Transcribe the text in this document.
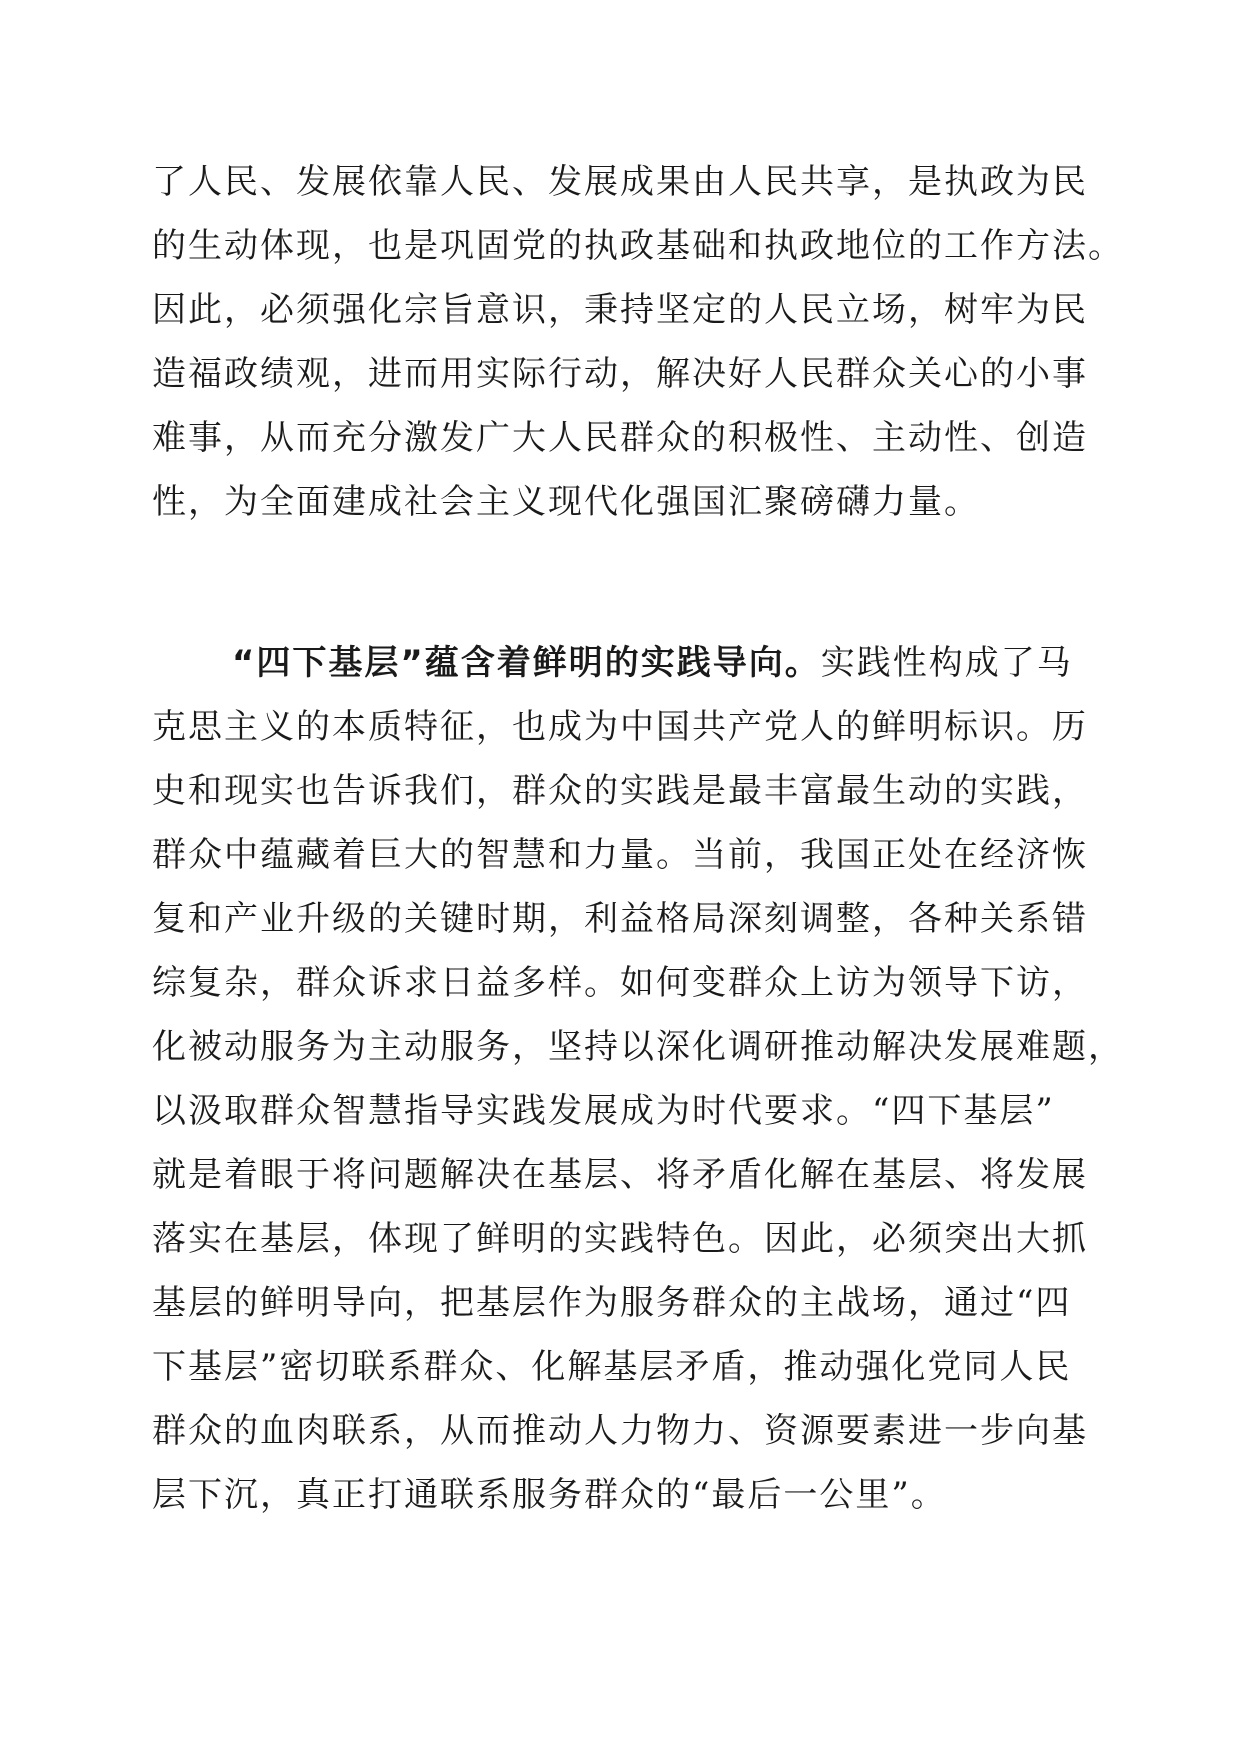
了人民、发展依靠人民、发展成果由人民共享，是执政为民
的生动体现，也是巩固党的执政基础和执政地位的工作方法。
因此，必须强化宗旨意识，秉持坚定的人民立场，树牢为民
造福政绩观，进而用实际行动，解决好人民群众关心的小事
难事，从而充分激发广大人民群众的积极性、主动性、创造
性，为全面建成社会主义现代化强国汇聚磅礴力量。
“四下基层”蕴含着鲜明的实践导向。实践性构成了马
克思主义的本质特征，也成为中国共产党人的鲜明标识。历
史和现实也告诉我们，群众的实践是最丰富最生动的实践，
群众中蕴藏着巨大的智慧和力量。当前，我国正处在经济恢
复和产业升级的关键时期，利益格局深刻调整，各种关系错
综复杂，群众诉求日益多样。如何变群众上访为领导下访，
化被动服务为主动服务，坚持以深化调研推动解决发展难题，
以汲取群众智慧指导实践发展成为时代要求。“四下基层”
就是着眼于将问题解决在基层、将矛盾化解在基层、将发展
落实在基层，体现了鲜明的实践特色。因此，必须突出大抓
基层的鲜明导向，把基层作为服务群众的主战场，通过“四
下基层”密切联系群众、化解基层矛盾，推动强化党同人民
群众的血肉联系，从而推动人力物力、资源要素进一步向基
层下沉，真正打通联系服务群众的“最后一公里”。
